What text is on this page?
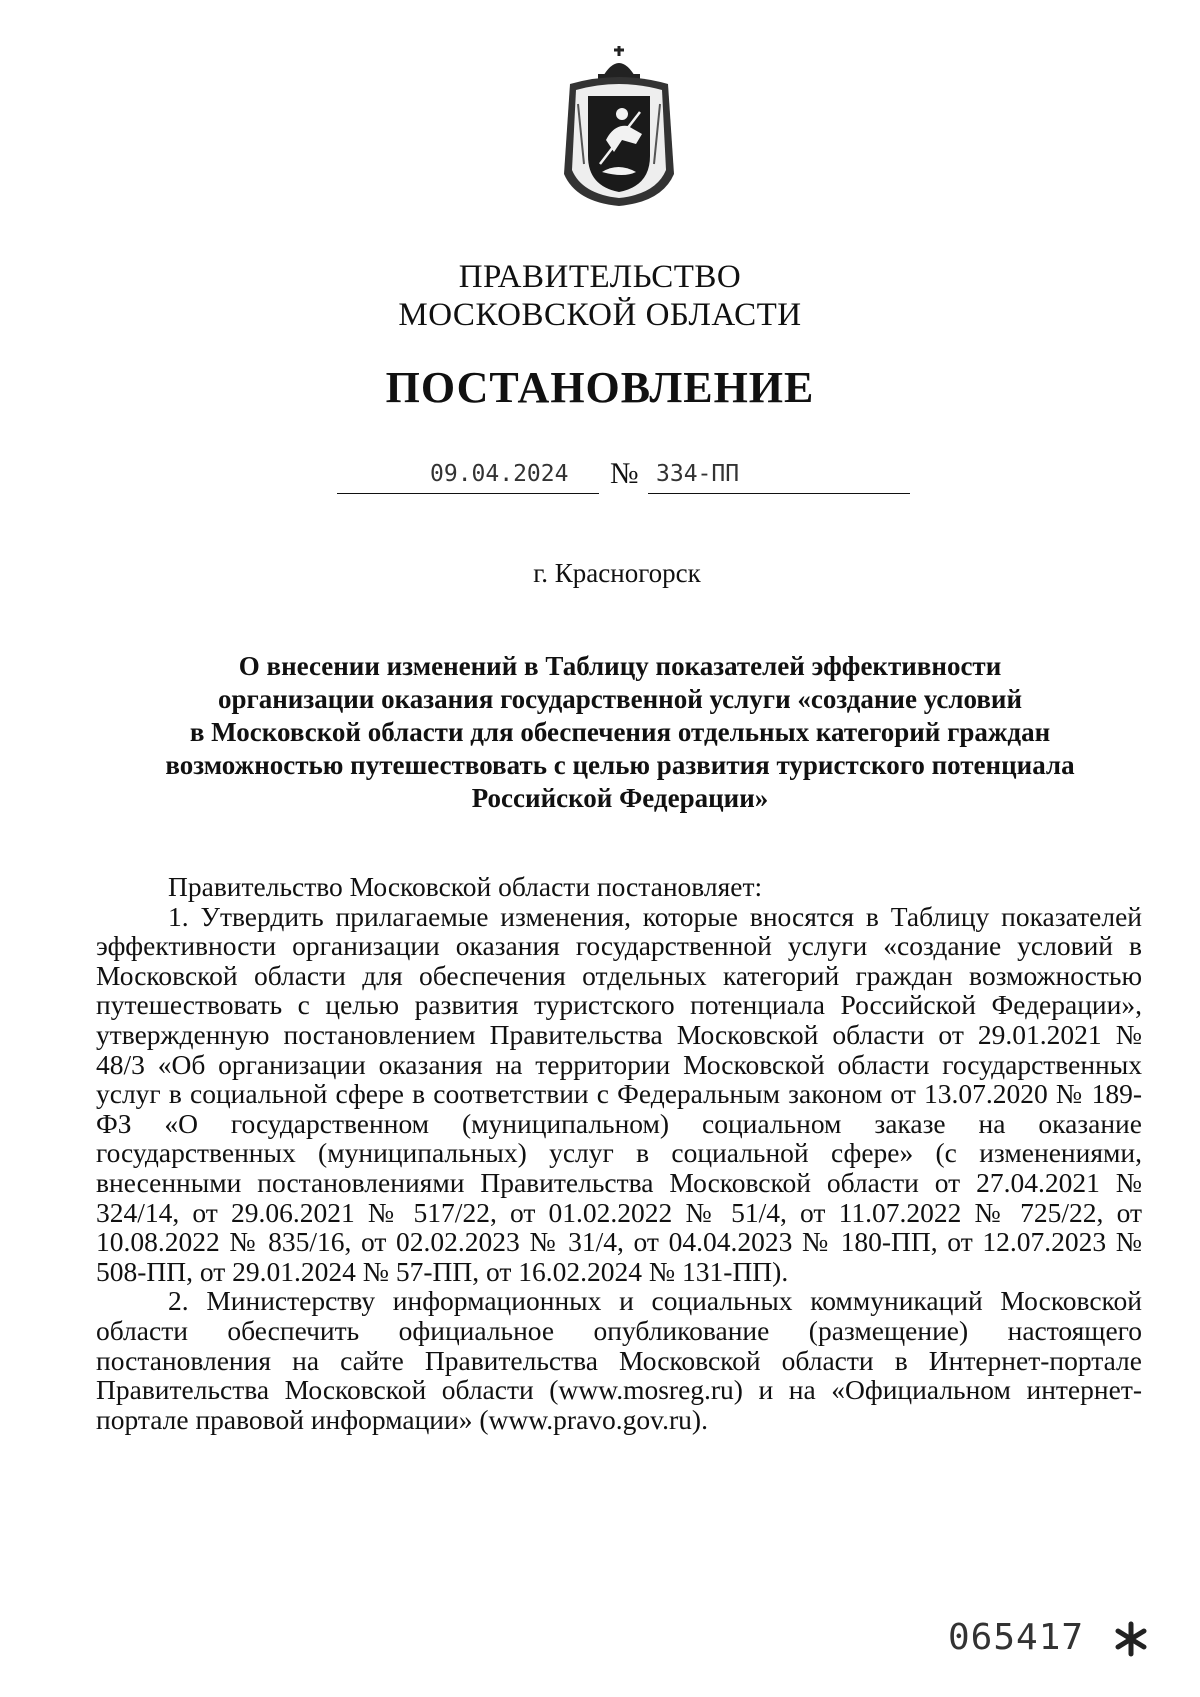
ПРАВИТЕЛЬСТВО
МОСКОВСКОЙ ОБЛАСТИ
ПОСТАНОВЛЕНИЕ
09.04.2024 № 334-ПП
г. Красногорск
О внесении изменений в Таблицу показателей эффективности
организации оказания государственной услуги «создание условий
в Московской области для обеспечения отдельных категорий граждан
возможностью путешествовать с целью развития туристского потенциала
Российской Федерации»

Правительство Московской области постановляет:

1. Утвердить прилагаемые изменения, которые вносятся в Таблицу показателей эффективности организации оказания государственной услуги «создание условий в Московской области для обеспечения отдельных категорий граждан возможностью путешествовать с целью развития туристского потенциала Российской Федерации», утвержденную постановлением Правительства Московской области от 29.01.2021 № 48/3 «Об организации оказания на территории Московской области государственных услуг в социальной сфере в соответствии с Федеральным законом от 13.07.2020 № 189-ФЗ «О государственном (муниципальном) социальном заказе на оказание государственных (муниципальных) услуг в социальной сфере» (с изменениями, внесенными постановлениями Правительства Московской области от 27.04.2021 № 324/14, от 29.06.2021 № 517/22, от 01.02.2022 № 51/4, от 11.07.2022 № 725/22, от 10.08.2022 № 835/16, от 02.02.2023 № 31/4, от 04.04.2023 № 180-ПП, от 12.07.2023 № 508-ПП, от 29.01.2024 № 57-ПП, от 16.02.2024 № 131-ПП).

2. Министерству информационных и социальных коммуникаций Московской области обеспечить официальное опубликование (размещение) настоящего постановления на сайте Правительства Московской области в Интернет-портале Правительства Московской области (www.mosreg.ru) и на «Официальном интернет-портале правовой информации» (www.pravo.gov.ru).

065417
